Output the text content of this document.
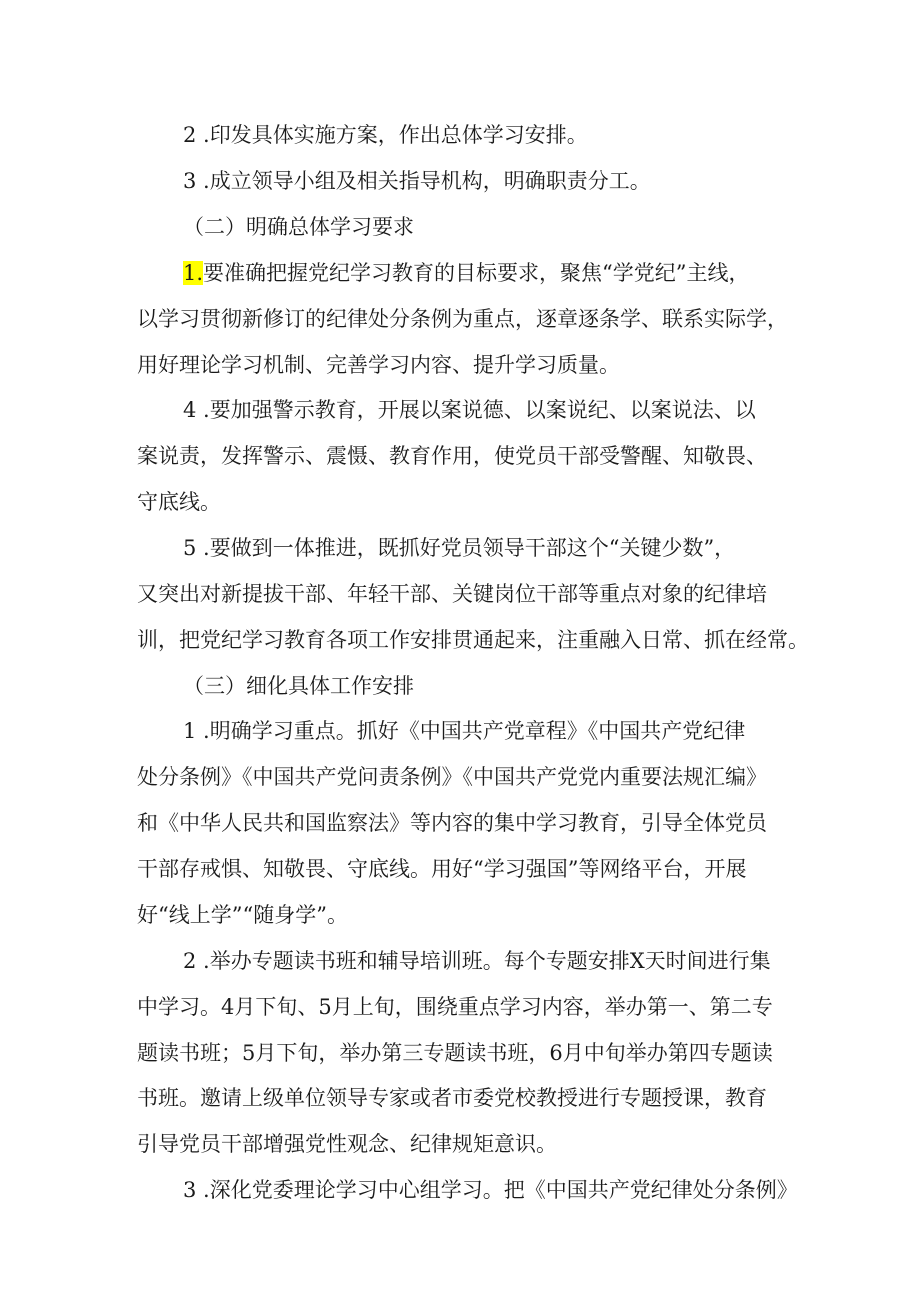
2 .印发具体实施方案，作出总体学习安排。

3 .成立领导小组及相关指导机构，明确职责分工。

（二）明确总体学习要求

1.要准确把握党纪学习教育的目标要求，聚焦“学党纪”主线，

以学习贯彻新修订的纪律处分条例为重点，逐章逐条学、联系实际学，

用好理论学习机制、完善学习内容、提升学习质量。

4 .要加强警示教育，开展以案说德、以案说纪、以案说法、以

案说责，发挥警示、震慑、教育作用，使党员干部受警醒、知敬畏、

守底线。

5 .要做到一体推进，既抓好党员领导干部这个“关键少数”，

又突出对新提拔干部、年轻干部、关键岗位干部等重点对象的纪律培

训，把党纪学习教育各项工作安排贯通起来，注重融入日常、抓在经常。

（三）细化具体工作安排

1 .明确学习重点。抓好《中国共产党章程》《中国共产党纪律

处分条例》《中国共产党问责条例》《中国共产党党内重要法规汇编》

和《中华人民共和国监察法》等内容的集中学习教育，引导全体党员

干部存戒惧、知敬畏、守底线。用好“学习强国”等网络平台，开展

好“线上学”“随身学”。

2 .举办专题读书班和辅导培训班。每个专题安排X天时间进行集

中学习。4月下旬、5月上旬，围绕重点学习内容，举办第一、第二专

题读书班；5月下旬，举办第三专题读书班，6月中旬举办第四专题读

书班。邀请上级单位领导专家或者市委党校教授进行专题授课，教育

引导党员干部增强党性观念、纪律规矩意识。

3 .深化党委理论学习中心组学习。把《中国共产党纪律处分条例》
